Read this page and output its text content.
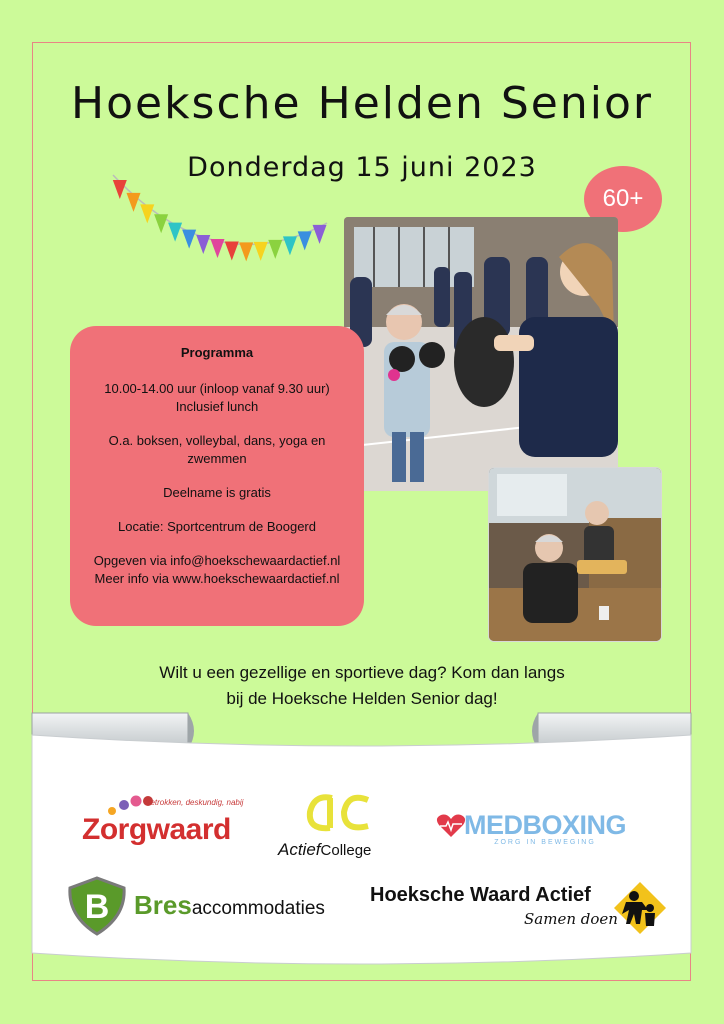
Hoeksche Helden Senior
Donderdag 15 juni 2023
60+
Programma

10.00-14.00 uur (inloop vanaf 9.30 uur)
Inclusief lunch

O.a. boksen, volleybal, dans, yoga en zwemmen

Deelname is gratis

Locatie: Sportcentrum de Boogerd

Opgeven via info@hoekschewaardactief.nl
Meer info via www.hoekschewaardactief.nl

Wilt u een gezellige en sportieve dag? Kom dan langs
bij de Hoeksche Helden Senior dag!
betrokken, deskundig, nabij
Zorgwaard
ActiefCollege
MEDBOXING
ZORG IN BEWEGING
B Bresaccommodaties
Hoeksche Waard Actief
Samen doen
